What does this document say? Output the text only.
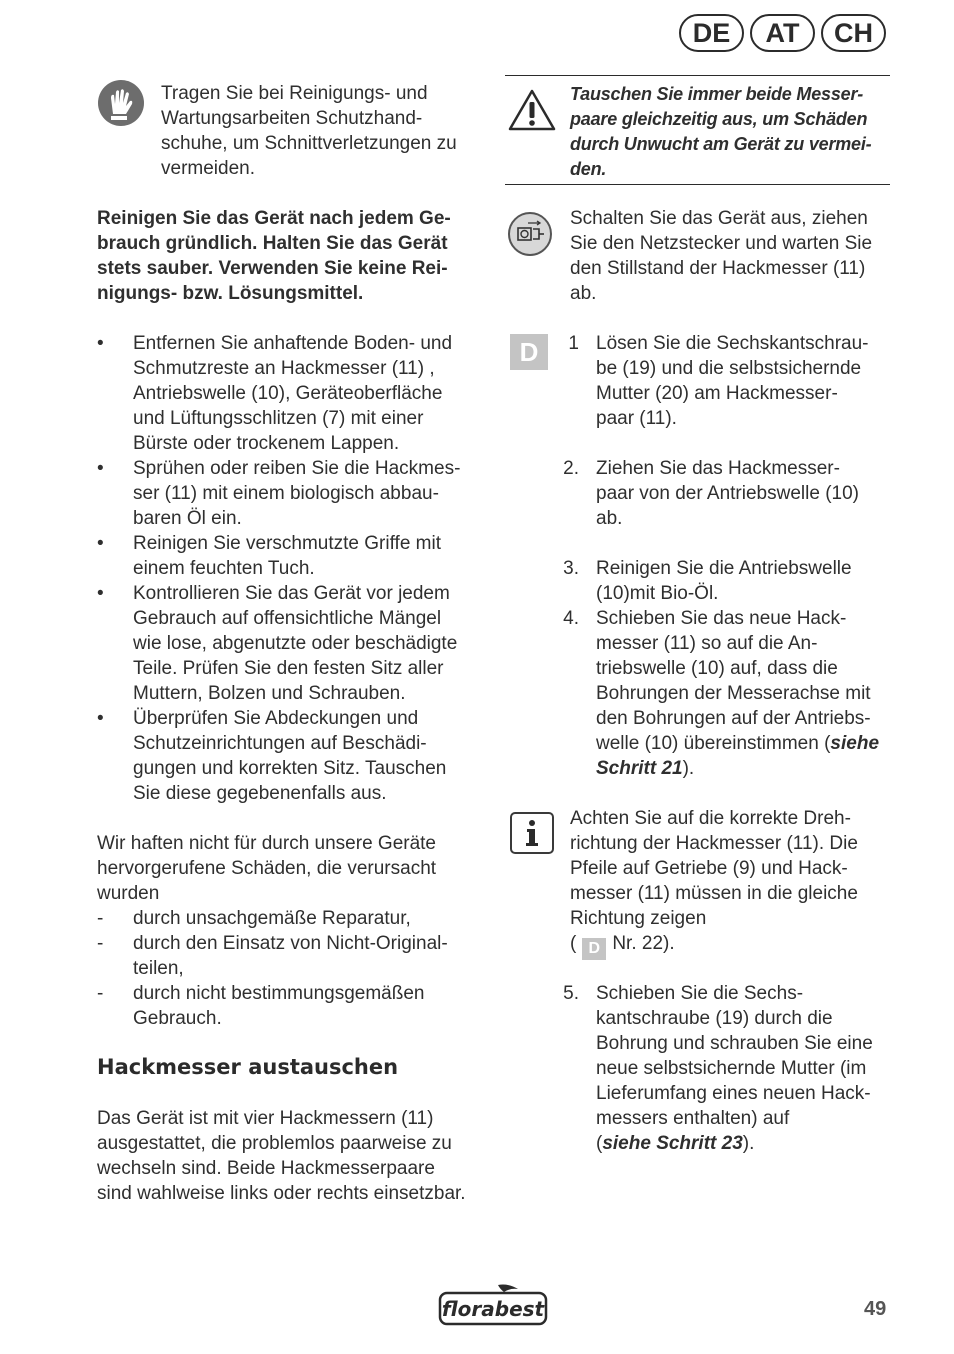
DE	AT	CH
Tragen Sie bei Reinigungs- und
Wartungsarbeiten Schutzhand-
schuhe, um Schnittverletzungen zu
vermeiden.
Reinigen Sie das Gerät nach jedem Ge-
brauch gründlich. Halten Sie das Gerät
stets sauber. Verwenden Sie keine Rei-
nigungs- bzw. Lösungsmittel.
• Entfernen Sie anhaftende Boden- und
Schmutzreste an Hackmesser (11) ,
Antriebswelle (10), Geräteoberfläche
und Lüftungsschlitzen (7) mit einer
Bürste oder trockenem Lappen.
• Sprühen oder reiben Sie die Hackmes-
ser (11) mit einem biologisch abbau-
baren Öl ein.
• Reinigen Sie verschmutzte Griffe mit
einem feuchten Tuch.
• Kontrollieren Sie das Gerät vor jedem
Gebrauch auf offensichtliche Mängel
wie lose, abgenutzte oder beschädigte
Teile. Prüfen Sie den festen Sitz aller
Muttern, Bolzen und Schrauben.
• Überprüfen Sie Abdeckungen und
Schutzeinrichtungen auf Beschädi-
gungen und korrekten Sitz. Tauschen
Sie diese gegebenenfalls aus.
Wir haften nicht für durch unsere Geräte
hervorgerufene Schäden, die verursacht
wurden
- durch unsachgemäße Reparatur,
- durch den Einsatz von Nicht-Original-
teilen,
- durch nicht bestimmungsgemäßen
Gebrauch.
Hackmesser austauschen
Das Gerät ist mit vier Hackmessern (11)
ausgestattet, die problemlos paarweise zu
wechseln sind. Beide Hackmesserpaare
sind wahlweise links oder rechts einsetzbar.
Tauschen Sie immer beide Messer-
paare gleichzeitig aus, um Schäden
durch Unwucht am Gerät zu vermei-
den.
Schalten Sie das Gerät aus, ziehen
Sie den Netzstecker und warten Sie
den Stillstand der Hackmesser (11)
ab.
D	1 Lösen Sie die Sechskantschrau-
be (19) und die selbstsichernde
Mutter (20) am Hackmesser-
paar (11).
2. Ziehen Sie das Hackmesser-
paar von der Antriebswelle (10)
ab.
3. Reinigen Sie die Antriebswelle
(10)mit Bio-Öl.
4. Schieben Sie das neue Hack-
messer (11) so auf die An-
triebswelle (10) auf, dass die
Bohrungen der Messerachse mit
den Bohrungen auf der Antriebs-
welle (10) übereinstimmen (siehe
Schritt 21).
Achten Sie auf die korrekte Dreh-
richtung der Hackmesser (11). Die
Pfeile auf Getriebe (9) und Hack-
messer (11) müssen in die gleiche
Richtung zeigen
( D Nr. 22).
5. Schieben Sie die Sechs-
kantschraube (19) durch die
Bohrung und schrauben Sie eine
neue selbstsichernde Mutter (im
Lieferumfang eines neuen Hack-
messers enthalten) auf
(siehe Schritt 23).
florabest	49
